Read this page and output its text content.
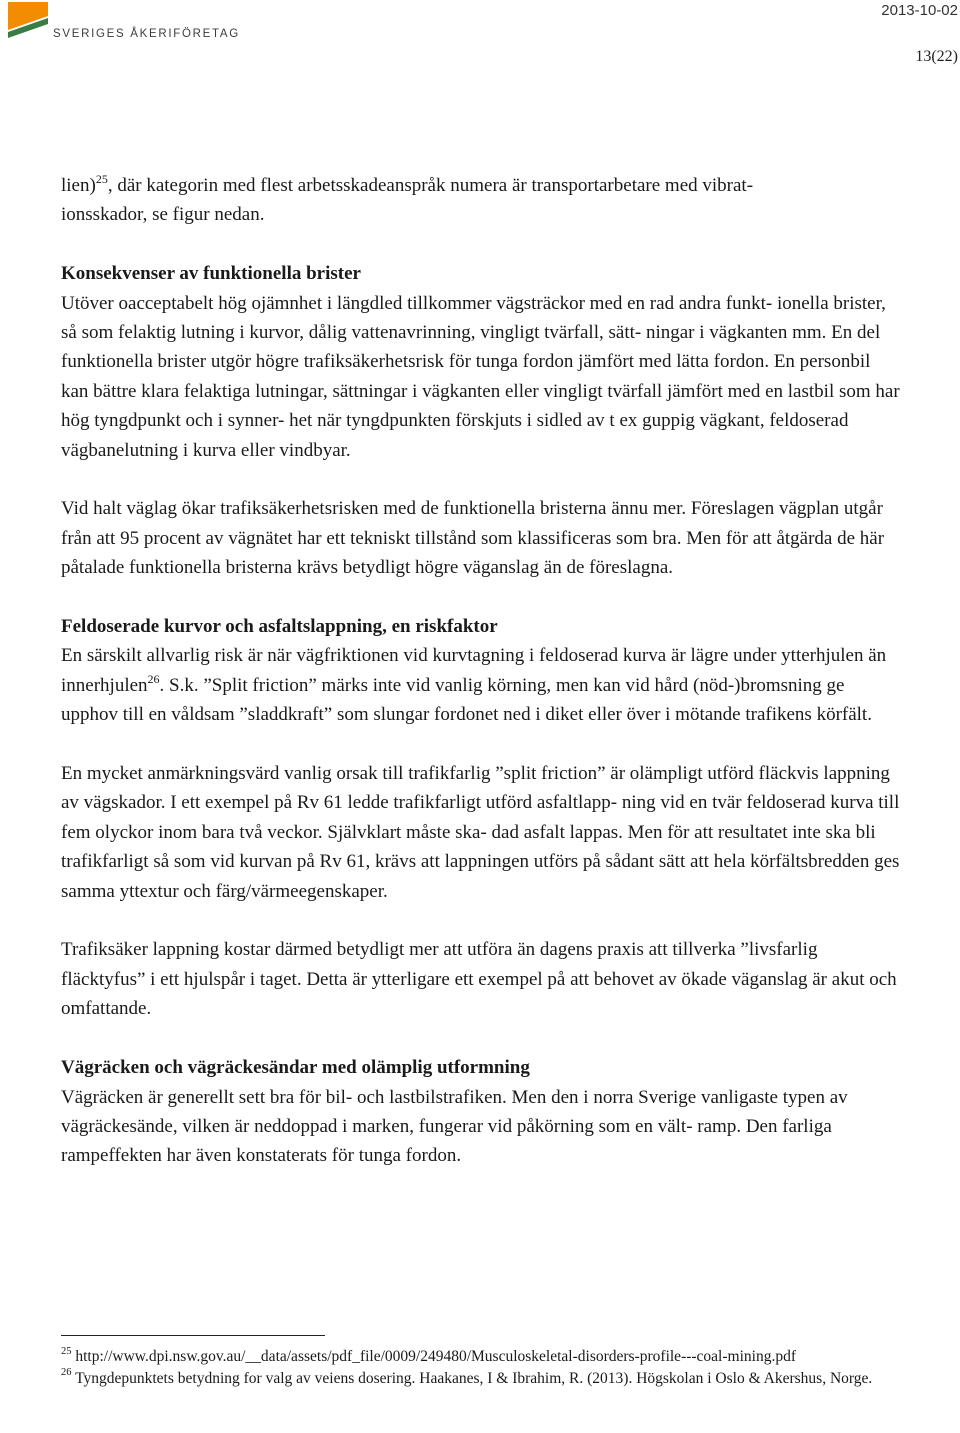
SVERIGES ÅKERIFÖRETAG
2013-10-02
13(22)

lien)$^{25}$, där kategorin med flest arbetsskadeanspråk numera är transportarbetare med vibrat-
ionsskador, se figur nedan.

Konsekvenser av funktionella brister

Utöver oacceptabelt hög ojämnhet i längdled tillkommer vägsträckor med en rad andra funkt- ionella brister, så som felaktig lutning i kurvor, dålig vattenavrinning, vingligt tvärfall, sätt- ningar i vägkanten mm. En del funktionella brister utgör högre trafiksäkerhetsrisk för tunga fordon jämfört med lätta fordon. En personbil kan bättre klara felaktiga lutningar, sättningar i vägkanten eller vingligt tvärfall jämfört med en lastbil som har hög tyngdpunkt och i synner- het när tyngdpunkten förskjuts i sidled av t ex guppig vägkant, feldoserad vägbanelutning i kurva eller vindbyar.

Vid halt väglag ökar trafiksäkerhetsrisken med de funktionella bristerna ännu mer. Föreslagen vägplan utgår från att 95 procent av vägnätet har ett tekniskt tillstånd som klassificeras som bra. Men för att åtgärda de här påtalade funktionella bristerna krävs betydligt högre väganslag än de föreslagna.

Feldoserade kurvor och asfaltslappning, en riskfaktor

En särskilt allvarlig risk är när vägfriktionen vid kurvtagning i feldoserad kurva är lägre under ytterhjulen än innerhjulen$^{26}$. S.k. ”Split friction” märks inte vid vanlig körning, men kan vid hård (nöd-)bromsning ge upphov till en våldsam ”sladdkraft” som slungar fordonet ned i diket eller över i mötande trafikens körfält.

En mycket anmärkningsvärd vanlig orsak till trafikfarlig ”split friction” är olämpligt utförd fläckvis lappning av vägskador. I ett exempel på Rv 61 ledde trafikfarligt utförd asfaltlapp- ning vid en tvär feldoserad kurva till fem olyckor inom bara två veckor. Självklart måste ska- dad asfalt lappas. Men för att resultatet inte ska bli trafikfarligt så som vid kurvan på Rv 61, krävs att lappningen utförs på sådant sätt att hela körfältsbredden ges samma yttextur och färg/värmeegenskaper.

Trafiksäker lappning kostar därmed betydligt mer att utföra än dagens praxis att tillverka ”livsfarlig fläcktyfus” i ett hjulspår i taget. Detta är ytterligare ett exempel på att behovet av ökade väganslag är akut och omfattande.

Vägräcken och vägräckesändar med olämplig utformning

Vägräcken är generellt sett bra för bil- och lastbilstrafiken. Men den i norra Sverige vanligaste typen av vägräckesände, vilken är neddoppad i marken, fungerar vid påkörning som en vält- ramp. Den farliga rampeffekten har även konstaterats för tunga fordon.

$^{25}$ http://www.dpi.nsw.gov.au/__data/assets/pdf_file/0009/249480/Musculoskeletal-disorders-profile---coal-mining.pdf

$^{26}$ Tyngdepunktets betydning for valg av veiens dosering. Haakanes, I & Ibrahim, R. (2013). Högskolan i Oslo & Akershus, Norge.
